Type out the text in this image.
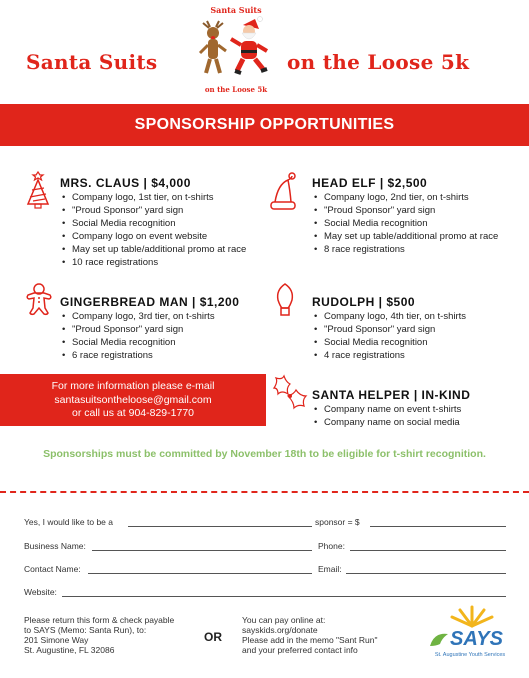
Santa Suits	on the Loose 5k
Santa Suits
on the Loose 5k
SPONSORSHIP OPPORTUNITIES
MRS. CLAUS | $4,000
• Company logo, 1st tier, on t-shirts
• "Proud Sponsor" yard sign
• Social Media recognition
• Company logo on event website
• May set up table/additional promo at race
• 10 race registrations
HEAD ELF | $2,500
• Company logo, 2nd tier, on t-shirts
• "Proud Sponsor" yard sign
• Social Media recognition
• May set up table/additional promo at race
• 8 race registrations
GINGERBREAD MAN | $1,200
• Company logo, 3rd tier, on t-shirts
• "Proud Sponsor" yard sign
• Social Media recognition
• 6 race registrations
RUDOLPH | $500
• Company logo, 4th tier, on t-shirts
• "Proud Sponsor" yard sign
• Social Media recognition
• 4 race registrations
For more information please e-mail
santasuitsontheloose@gmail.com
or call us at 904-829-1770
SANTA HELPER | IN-KIND
• Company name on event t-shirts
• Company name on social media
Sponsorships must be committed by November 18th to be eligible for t-shirt recognition.
Yes, I would like to be a	sponsor = $
Business Name:	Phone:
Contact Name:	Email:
Website:
Please return this form & check payable
to SAYS (Memo: Santa Run), to:
201 Simone Way
St. Augustine, FL 32086
OR
You can pay online at:
sayskids.org/donate
Please add in the memo "Sant Run"
and your preferred contact info	SAYS
St. Augustine Youth Services
